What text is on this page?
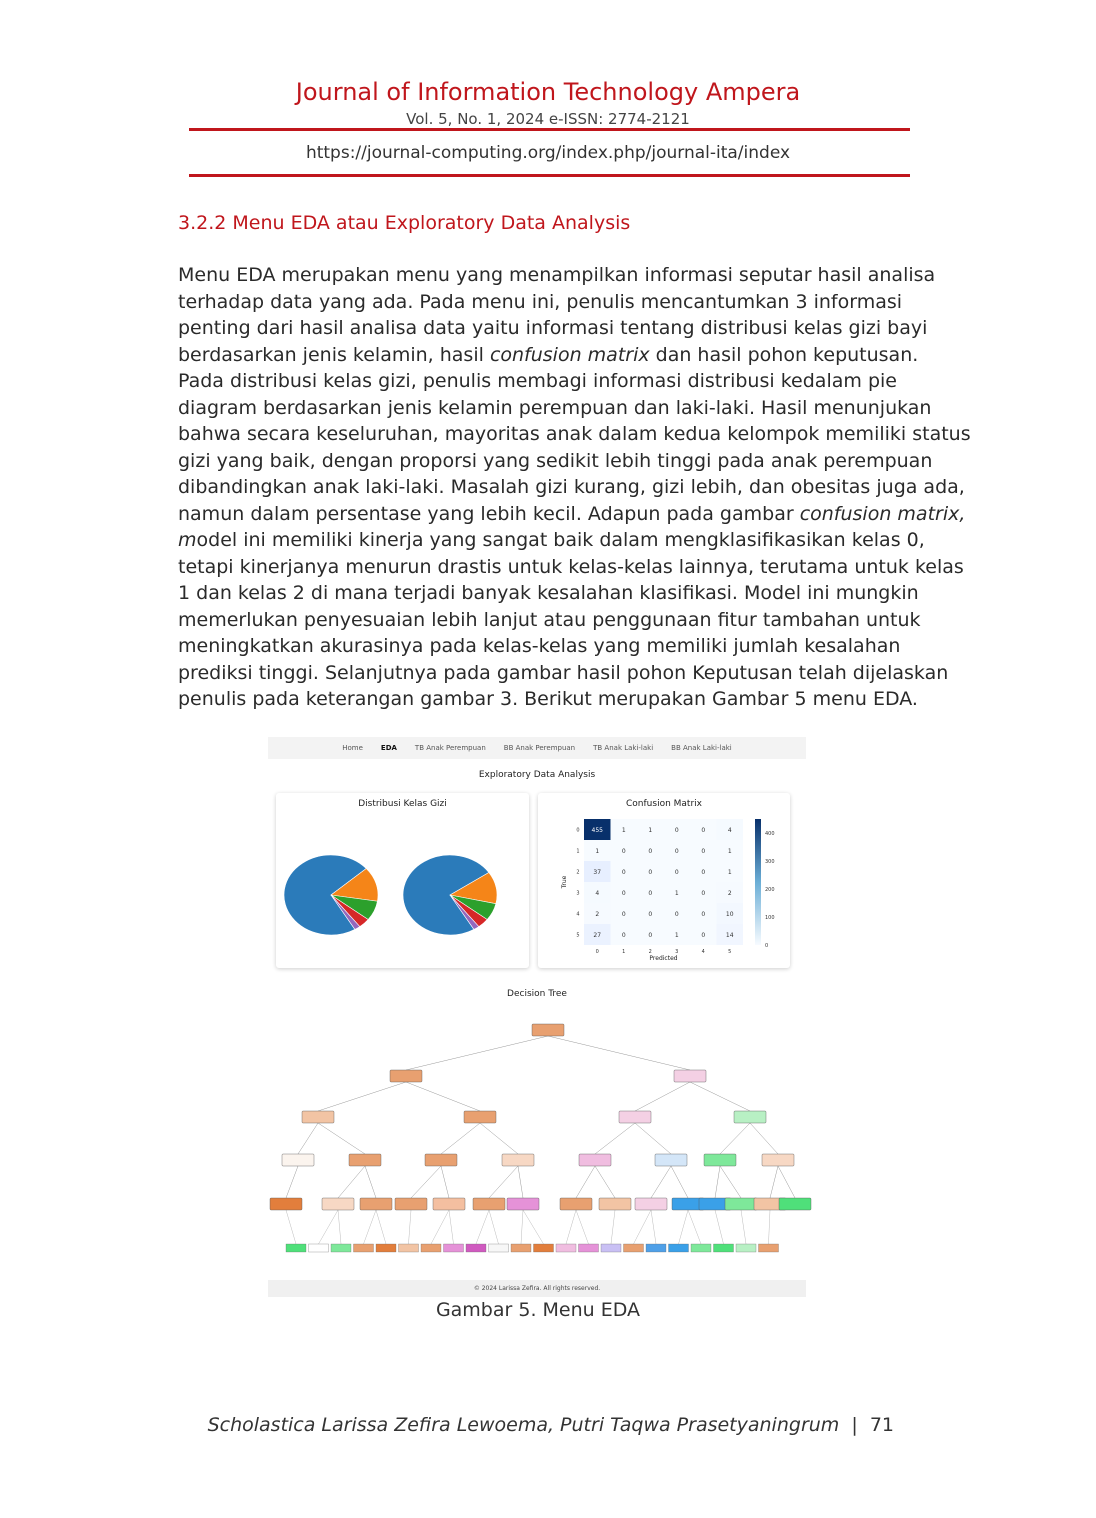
Journal of Information Technology Ampera
Vol. 5, No. 1, 2024 e-ISSN: 2774-2121
https://journal-computing.org/index.php/journal-ita/index
3.2.2 Menu EDA atau Exploratory Data Analysis
Menu EDA merupakan menu yang menampilkan informasi seputar hasil analisa
terhadap data yang ada. Pada menu ini, penulis mencantumkan 3 informasi
penting dari hasil analisa data yaitu informasi tentang distribusi kelas gizi bayi
berdasarkan jenis kelamin, hasil confusion matrix dan hasil pohon keputusan.
Pada distribusi kelas gizi, penulis membagi informasi distribusi kedalam pie
diagram berdasarkan jenis kelamin perempuan dan laki-laki. Hasil menunjukan
bahwa secara keseluruhan, mayoritas anak dalam kedua kelompok memiliki status
gizi yang baik, dengan proporsi yang sedikit lebih tinggi pada anak perempuan
dibandingkan anak laki-laki. Masalah gizi kurang, gizi lebih, dan obesitas juga ada,
namun dalam persentase yang lebih kecil. Adapun pada gambar confusion matrix,
model ini memiliki kinerja yang sangat baik dalam mengklasifikasikan kelas 0,
tetapi kinerjanya menurun drastis untuk kelas-kelas lainnya, terutama untuk kelas
1 dan kelas 2 di mana terjadi banyak kesalahan klasifikasi. Model ini mungkin
memerlukan penyesuaian lebih lanjut atau penggunaan fitur tambahan untuk
meningkatkan akurasinya pada kelas-kelas yang memiliki jumlah kesalahan
prediksi tinggi. Selanjutnya pada gambar hasil pohon Keputusan telah dijelaskan
penulis pada keterangan gambar 3. Berikut merupakan Gambar 5 menu EDA.
Home	EDA	TB Anak Perempuan	BB Anak Perempuan	TB Anak Laki-laki	BB Anak Laki-laki
Exploratory Data Analysis
Distribusi Kelas Gizi	Confusion Matrix
455	1	1	0	0	4
1	0	0	0	0	1
37	0	0	0	0	1
4	0	0	1	0	2
2	0	0	0	0	10
27	0	0	1	0	14
0	1	2	3	4	5
0
1
2
3
4
5
Predicted
True
400
300
200
100
0
Decision Tree
© 2024 Larissa Zefira. All rights reserved.
Gambar 5. Menu EDA
Scholastica Larissa Zefira Lewoema, Putri Taqwa Prasetyaningrum | 71
